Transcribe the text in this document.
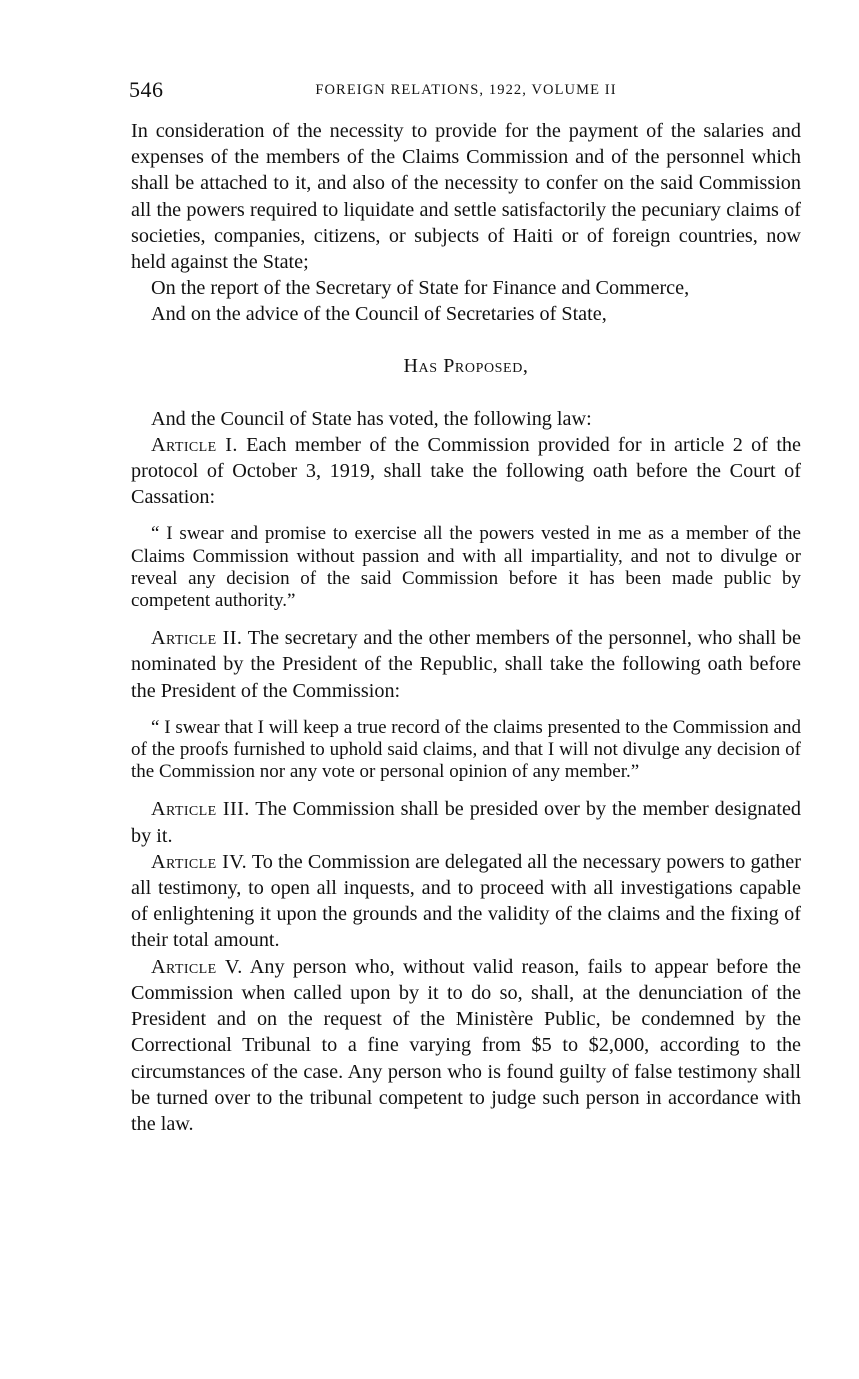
546	FOREIGN RELATIONS, 1922, VOLUME II

In consideration of the necessity to provide for the payment of the salaries and expenses of the members of the Claims Commission and of the personnel which shall be attached to it, and also of the necessity to confer on the said Commission all the powers required to liquidate and settle satisfactorily the pecuniary claims of societies, companies, citizens, or subjects of Haiti or of foreign countries, now held against the State;

On the report of the Secretary of State for Finance and Commerce,

And on the advice of the Council of Secretaries of State,

Has Proposed,

And the Council of State has voted, the following law:

Article I. Each member of the Commission provided for in article 2 of the protocol of October 3, 1919, shall take the following oath before the Court of Cassation:

“ I swear and promise to exercise all the powers vested in me as a member of the Claims Commission without passion and with all impartiality, and not to divulge or reveal any decision of the said Commission before it has been made public by competent authority.”

Article II. The secretary and the other members of the personnel, who shall be nominated by the President of the Republic, shall take the following oath before the President of the Commission:

“ I swear that I will keep a true record of the claims presented to the Commission and of the proofs furnished to uphold said claims, and that I will not divulge any decision of the Commission nor any vote or personal opinion of any member.”

Article III. The Commission shall be presided over by the member designated by it.

Article IV. To the Commission are delegated all the necessary powers to gather all testimony, to open all inquests, and to proceed with all investigations capable of enlightening it upon the grounds and the validity of the claims and the fixing of their total amount.

Article V. Any person who, without valid reason, fails to appear before the Commission when called upon by it to do so, shall, at the denunciation of the President and on the request of the Ministère Public, be condemned by the Correctional Tribunal to a fine varying from $5 to $2,000, according to the circumstances of the case. Any person who is found guilty of false testimony shall be turned over to the tribunal competent to judge such person in accordance with the law.
